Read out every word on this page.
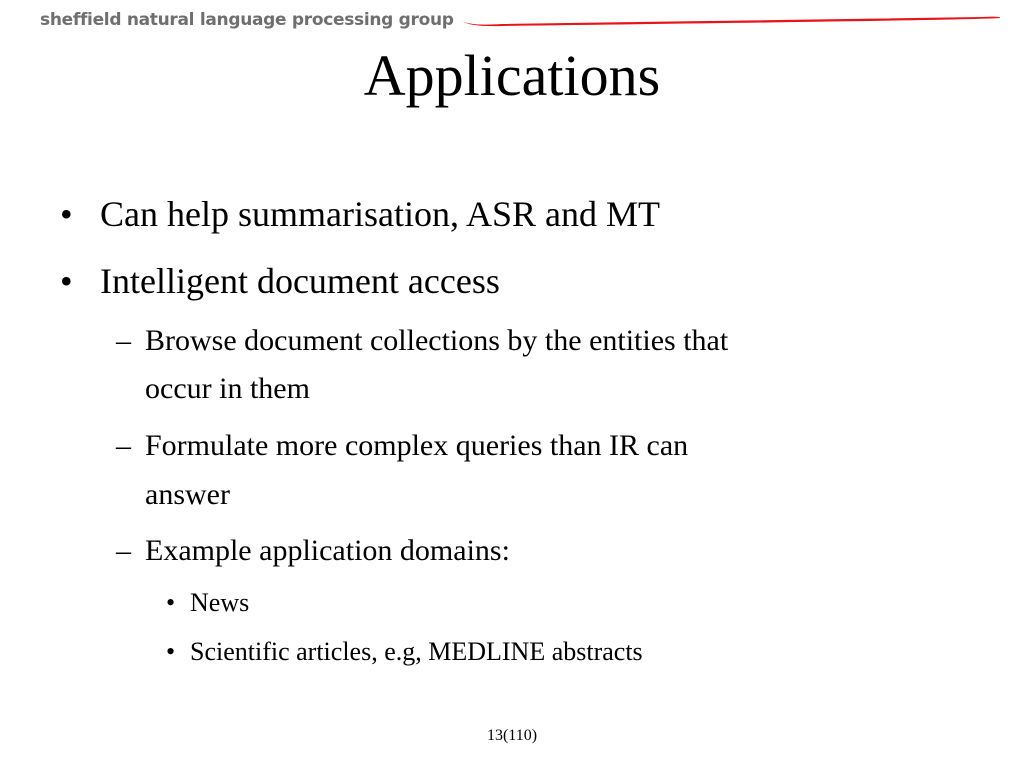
sheffield natural language processing group
Applications
• Can help summarisation, ASR and MT
• Intelligent document access
– Browse document collections by the entities that
occur in them
– Formulate more complex queries than IR can
answer
– Example application domains:
• News
• Scientific articles, e.g, MEDLINE abstracts
13(110)
